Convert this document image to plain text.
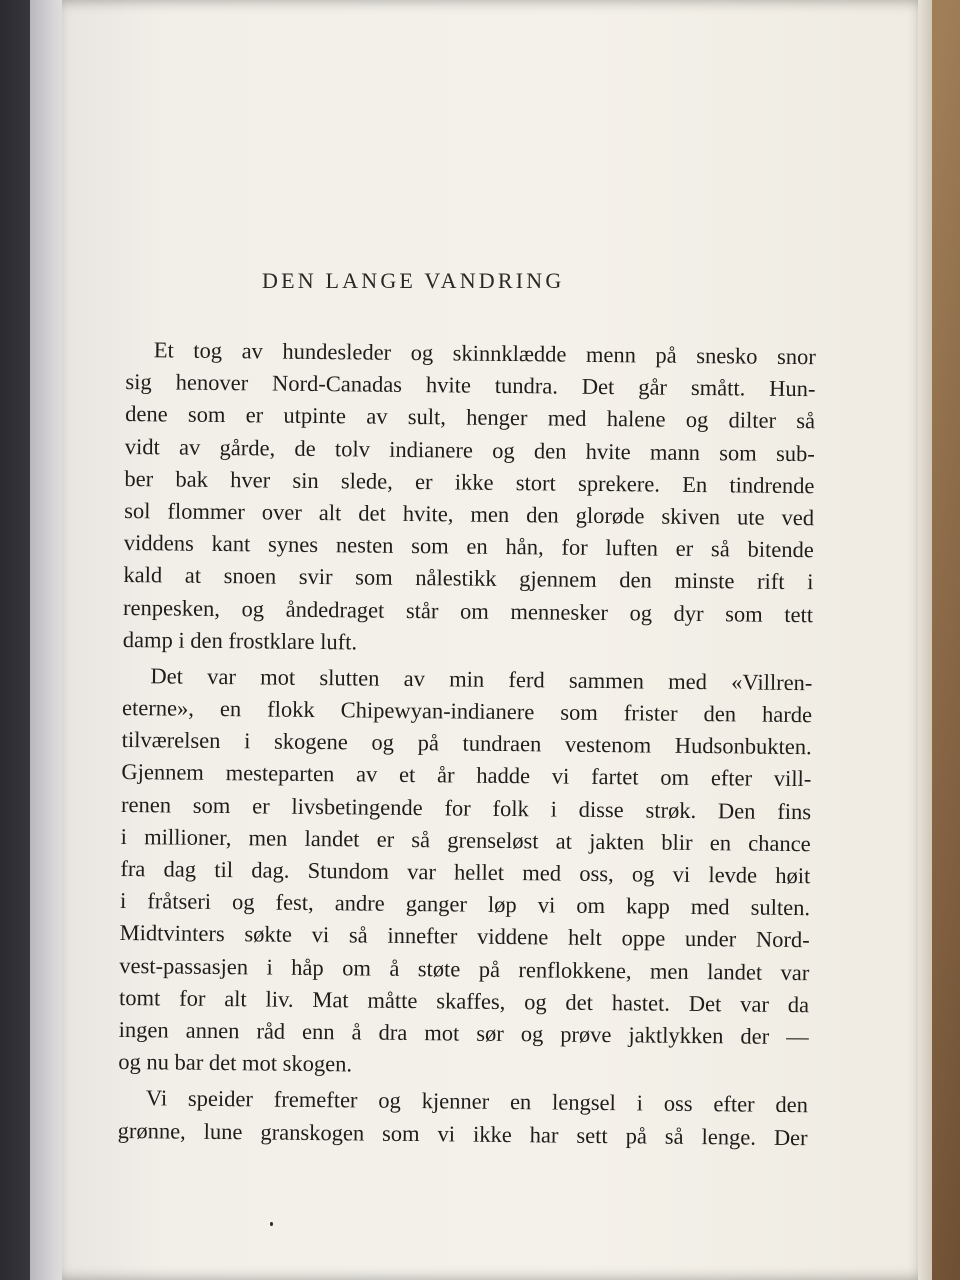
DEN LANGE VANDRING
Et tog av hundesleder og skinnklædde menn på snesko snor
sig henover Nord-Canadas hvite tundra. Det går smått. Hun-
dene som er utpinte av sult, henger med halene og dilter så
vidt av gårde, de tolv indianere og den hvite mann som sub-
ber bak hver sin slede, er ikke stort sprekere. En tindrende
sol flommer over alt det hvite, men den glorøde skiven ute ved
viddens kant synes nesten som en hån, for luften er så bitende
kald at snoen svir som nålestikk gjennem den minste rift i
renpesken, og åndedraget står om mennesker og dyr som tett
damp i den frostklare luft.
Det var mot slutten av min ferd sammen med «Villren-
eterne», en flokk Chipewyan-indianere som frister den harde
tilværelsen i skogene og på tundraen vestenom Hudsonbukten.
Gjennem mesteparten av et år hadde vi fartet om efter vill-
renen som er livsbetingende for folk i disse strøk. Den fins
i millioner, men landet er så grenseløst at jakten blir en chance
fra dag til dag. Stundom var hellet med oss, og vi levde høit
i fråtseri og fest, andre ganger løp vi om kapp med sulten.
Midtvinters søkte vi så innefter viddene helt oppe under Nord-
vest-passasjen i håp om å støte på renflokkene, men landet var
tomt for alt liv. Mat måtte skaffes, og det hastet. Det var da
ingen annen råd enn å dra mot sør og prøve jaktlykken der —
og nu bar det mot skogen.
Vi speider fremefter og kjenner en lengsel i oss efter den
grønne, lune granskogen som vi ikke har sett på så lenge. Der
